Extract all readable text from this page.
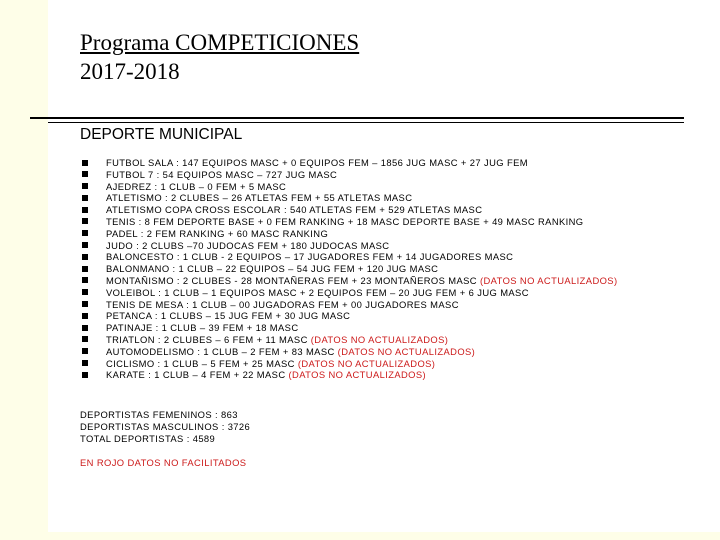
Programa COMPETICIONES
2017-2018
DEPORTE MUNICIPAL
FUTBOL SALA : 147 EQUIPOS MASC + 0 EQUIPOS FEM – 1856 JUG MASC + 27 JUG FEM
FUTBOL 7 : 54 EQUIPOS MASC – 727 JUG MASC
AJEDREZ : 1 CLUB – 0 FEM + 5 MASC
ATLETISMO : 2 CLUBES – 26 ATLETAS FEM + 55 ATLETAS MASC
ATLETISMO COPA CROSS ESCOLAR : 540 ATLETAS FEM + 529 ATLETAS MASC
TENIS : 8 FEM DEPORTE BASE + 0 FEM RANKING + 18 MASC DEPORTE BASE + 49 MASC RANKING
PADEL : 2 FEM RANKING + 60 MASC RANKING
JUDO : 2 CLUBS –70 JUDOCAS FEM + 180 JUDOCAS MASC
BALONCESTO : 1 CLUB - 2 EQUIPOS – 17 JUGADORES FEM + 14 JUGADORES MASC
BALONMANO : 1 CLUB – 22 EQUIPOS – 54 JUG FEM + 120 JUG MASC
MONTAÑISMO : 2 CLUBES - 28 MONTAÑERAS FEM + 23 MONTAÑEROS MASC (DATOS NO ACTUALIZADOS)
VOLEIBOL : 1 CLUB – 1 EQUIPOS MASC + 2 EQUIPOS FEM – 20 JUG FEM + 6 JUG MASC
TENIS DE MESA : 1 CLUB – 00 JUGADORAS FEM + 00 JUGADORES MASC
PETANCA : 1 CLUBS – 15 JUG FEM + 30 JUG MASC
PATINAJE : 1 CLUB – 39 FEM + 18 MASC
TRIATLON : 2 CLUBES – 6 FEM + 11 MASC (DATOS NO ACTUALIZADOS)
AUTOMODELISMO : 1 CLUB – 2 FEM + 83 MASC (DATOS NO ACTUALIZADOS)
CICLISMO : 1 CLUB – 5 FEM + 25 MASC (DATOS NO ACTUALIZADOS)
KARATE : 1 CLUB – 4 FEM + 22 MASC (DATOS NO ACTUALIZADOS)
DEPORTISTAS FEMENINOS : 863
DEPORTISTAS MASCULINOS : 3726
TOTAL DEPORTISTAS : 4589
EN ROJO DATOS NO FACILITADOS
